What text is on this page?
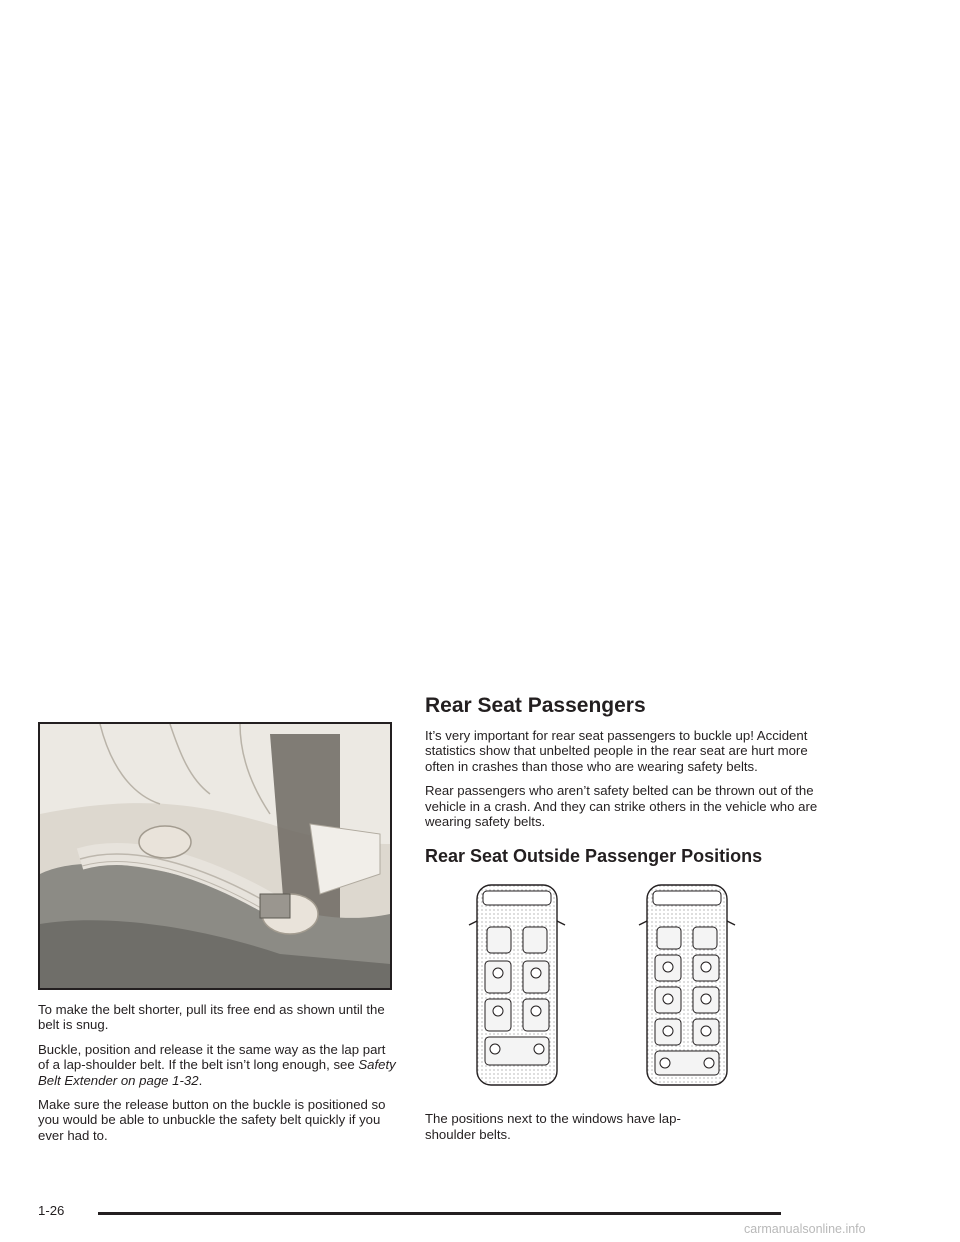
To make the belt shorter, pull its free end as shown until the belt is snug.

Buckle, position and release it the same way as the lap part of a lap-shoulder belt. If the belt isn’t long enough, see Safety Belt Extender on page 1-32.

Make sure the release button on the buckle is positioned so you would be able to unbuckle the safety belt quickly if you ever had to.

Rear Seat Passengers

It’s very important for rear seat passengers to buckle up! Accident statistics show that unbelted people in the rear seat are hurt more often in crashes than those who are wearing safety belts.

Rear passengers who aren’t safety belted can be thrown out of the vehicle in a crash. And they can strike others in the vehicle who are wearing safety belts.

Rear Seat Outside Passenger Positions

The positions next to the windows have lap-shoulder belts.

1-26
carmanualsonline.info
